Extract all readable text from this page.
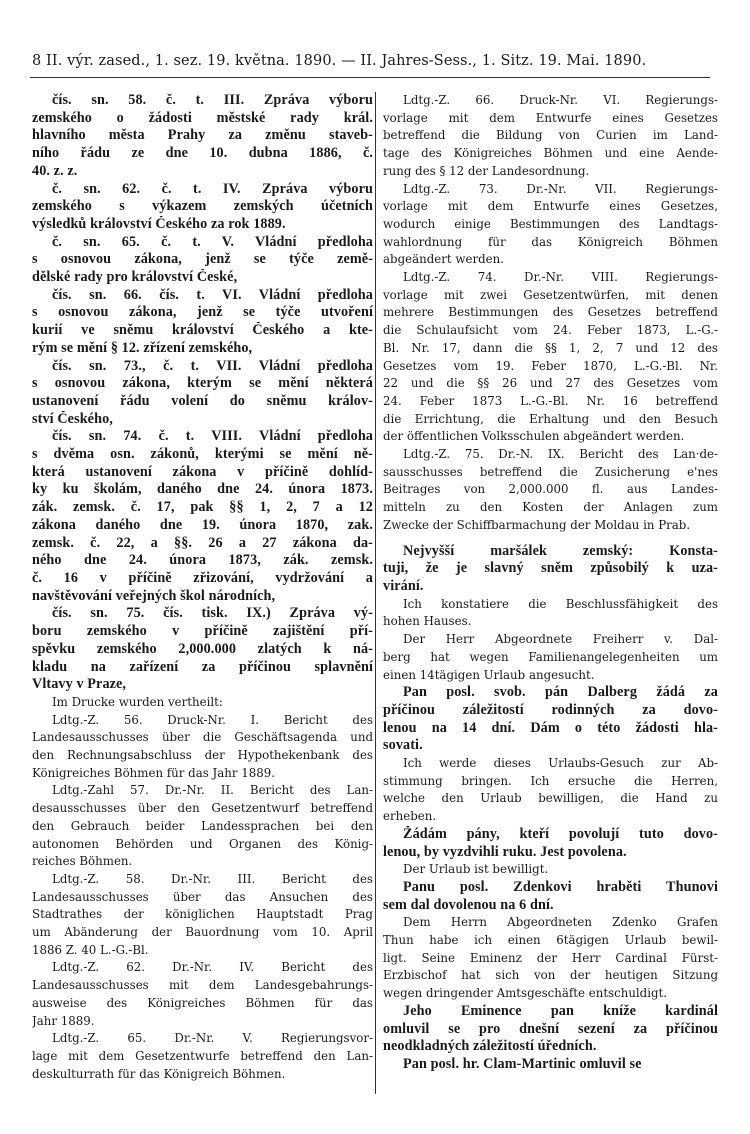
8 II. výr. zased., 1. sez. 19. května. 1890. — II. Jahres-Sess., 1. Sitz. 19. Mai. 1890.
čís. sn. 58. č. t. III. Zpráva výboru
zemského o žádosti městské rady král.
hlavního města Prahy za změnu staveb-
ního řádu ze dne 10. dubna 1886, č.
40. z. z.
č. sn. 62. č. t. IV. Zpráva výboru
zemského s výkazem zemských účetních
výsledků království Českého za rok 1889.
č. sn. 65. č. t. V. Vládní předloha
s osnovou zákona, jenž se týče země-
dělské rady pro království České,
čís. sn. 66. čís. t. VI. Vládní předloha
s osnovou zákona, jenž se týče utvoření
kurií ve sněmu království Českého a kte-
rým se mění § 12. zřízení zemského,
čís. sn. 73., č. t. VII. Vládní předloha
s osnovou zákona, kterým se mění některá
ustanovení řádu volení do sněmu králov-
ství Českého,
čís. sn. 74. č. t. VIII. Vládní předloha
s dvěma osn. zákonů, kterými se mění ně-
která ustanovení zákona v příčině dohlíd-
ky ku školám, daného dne 24. února 1873.
zák. zemsk. č. 17, pak §§ 1, 2, 7 a 12
zákona daného dne 19. února 1870, zak.
zemsk. č. 22, a §§. 26 a 27 zákona da-
ného dne 24. února 1873, zák. zemsk.
č. 16 v příčině zřizování, vydržování a
navštěvování veřejných škol národních,
čís. sn. 75. čís. tisk. IX.) Zpráva vý-
boru zemského v příčině zajištění pří-
spěvku zemského 2,000.000 zlatých k ná-
kladu na zařízení za příčinou splavnění
Vltavy v Praze,
Im Drucke wurden vertheilt:
Ldtg.-Z. 56. Druck-Nr. I. Bericht des
Landesausschusses über die Geschäftsagenda und
den Rechnungsabschluss der Hypothekenbank des
Königreiches Böhmen für das Jahr 1889.
Ldtg.-Zahl 57. Dr.-Nr. II. Bericht des Lan-
desausschusses über den Gesetzentwurf betreffend
den Gebrauch beider Landessprachen bei den
autonomen Behörden und Organen des König-
reiches Böhmen.
Ldtg.-Z. 58. Dr.-Nr. III. Bericht des
Landesausschusses über das Ansuchen des
Stadtrathes der königlichen Hauptstadt Prag
um Abänderung der Bauordnung vom 10. April
1886 Z. 40 L.-G.-Bl.
Ldtg.-Z. 62. Dr.-Nr. IV. Bericht des
Landesausschusses mit dem Landesgebahrungs-
ausweise des Königreiches Böhmen für das
Jahr 1889.
Ldtg.-Z. 65. Dr.-Nr. V. Regierungsvor-
lage mit dem Gesetzentwurfe betreffend den Lan-
deskulturrath für das Königreich Böhmen.
Ldtg.-Z. 66. Druck-Nr. VI. Regierungs-
vorlage mit dem Entwurfe eines Gesetzes
betreffend die Bildung von Curien im Land-
tage des Königreiches Böhmen und eine Aende-
rung des § 12 der Landesordnung.
Ldtg.-Z. 73. Dr.-Nr. VII. Regierungs-
vorlage mit dem Entwurfe eines Gesetzes,
wodurch einige Bestimmungen des Landtags-
wahlordnung für das Königreich Böhmen
abgeändert werden.
Ldtg.-Z. 74. Dr.-Nr. VIII. Regierungs-
vorlage mit zwei Gesetzentwürfen, mit denen
mehrere Bestimmungen des Gesetzes betreffend
die Schulaufsicht vom 24. Feber 1873, L.-G.-
Bl. Nr. 17, dann die §§ 1, 2, 7 und 12 des
Gesetzes vom 19. Feber 1870, L.-G.-Bl. Nr.
22 und die §§ 26 und 27 des Gesetzes vom
24. Feber 1873 L.-G.-Bl. Nr. 16 betreffend
die Errichtung, die Erhaltung und den Besuch
der öffentlichen Volksschulen abgeändert werden.
Ldtg.-Z. 75. Dr.-N. IX. Bericht des Lan·de-
sausschusses betreffend die Zusicherung e'nes
Beitrages von 2,000.000 fl. aus Landes-
mitteln zu den Kosten der Anlagen zum
Zwecke der Schiffbarmachung der Moldau in Prab.
Nejvyšší maršálek zemský: Konsta-
tuji, že je slavný sněm způsobilý k uza-
virání.
Ich konstatiere die Beschlussfähigkeit des
hohen Hauses.
Der Herr Abgeordnete Freiherr v. Dal-
berg hat wegen Familienangelegenheiten um
einen 14tägigen Urlaub angesucht.
Pan posl. svob. pán Dalberg žádá za
příčinou záležitostí rodinných za dovo-
lenou na 14 dní. Dám o této žádosti hla-
sovati.
Ich werde dieses Urlaubs-Gesuch zur Ab-
stimmung bringen. Ich ersuche die Herren,
welche den Urlaub bewilligen, die Hand zu
erheben.
Žádám pány, kteří povolují tuto dovo-
lenou, by vyzdvihli ruku. Jest povolena.
Der Urlaub ist bewilligt.
Panu posl. Zdenkovi hraběti Thunovi
sem dal dovolenou na 6 dní.
Dem Herrn Abgeordneten Zdenko Grafen
Thun habe ich einen 6tägigen Urlaub bewil-
ligt. Seine Eminenz der Herr Cardinal Fürst-
Erzbischof hat sich von der heutigen Sitzung
wegen dringender Amtsgeschäfte entschuldigt.
Jeho Eminence pan kníže kardinál
omluvil se pro dnešní sezení za příčinou
neodkladných záležitostí úředních.
Pan posl. hr. Clam-Martinic omluvil se
